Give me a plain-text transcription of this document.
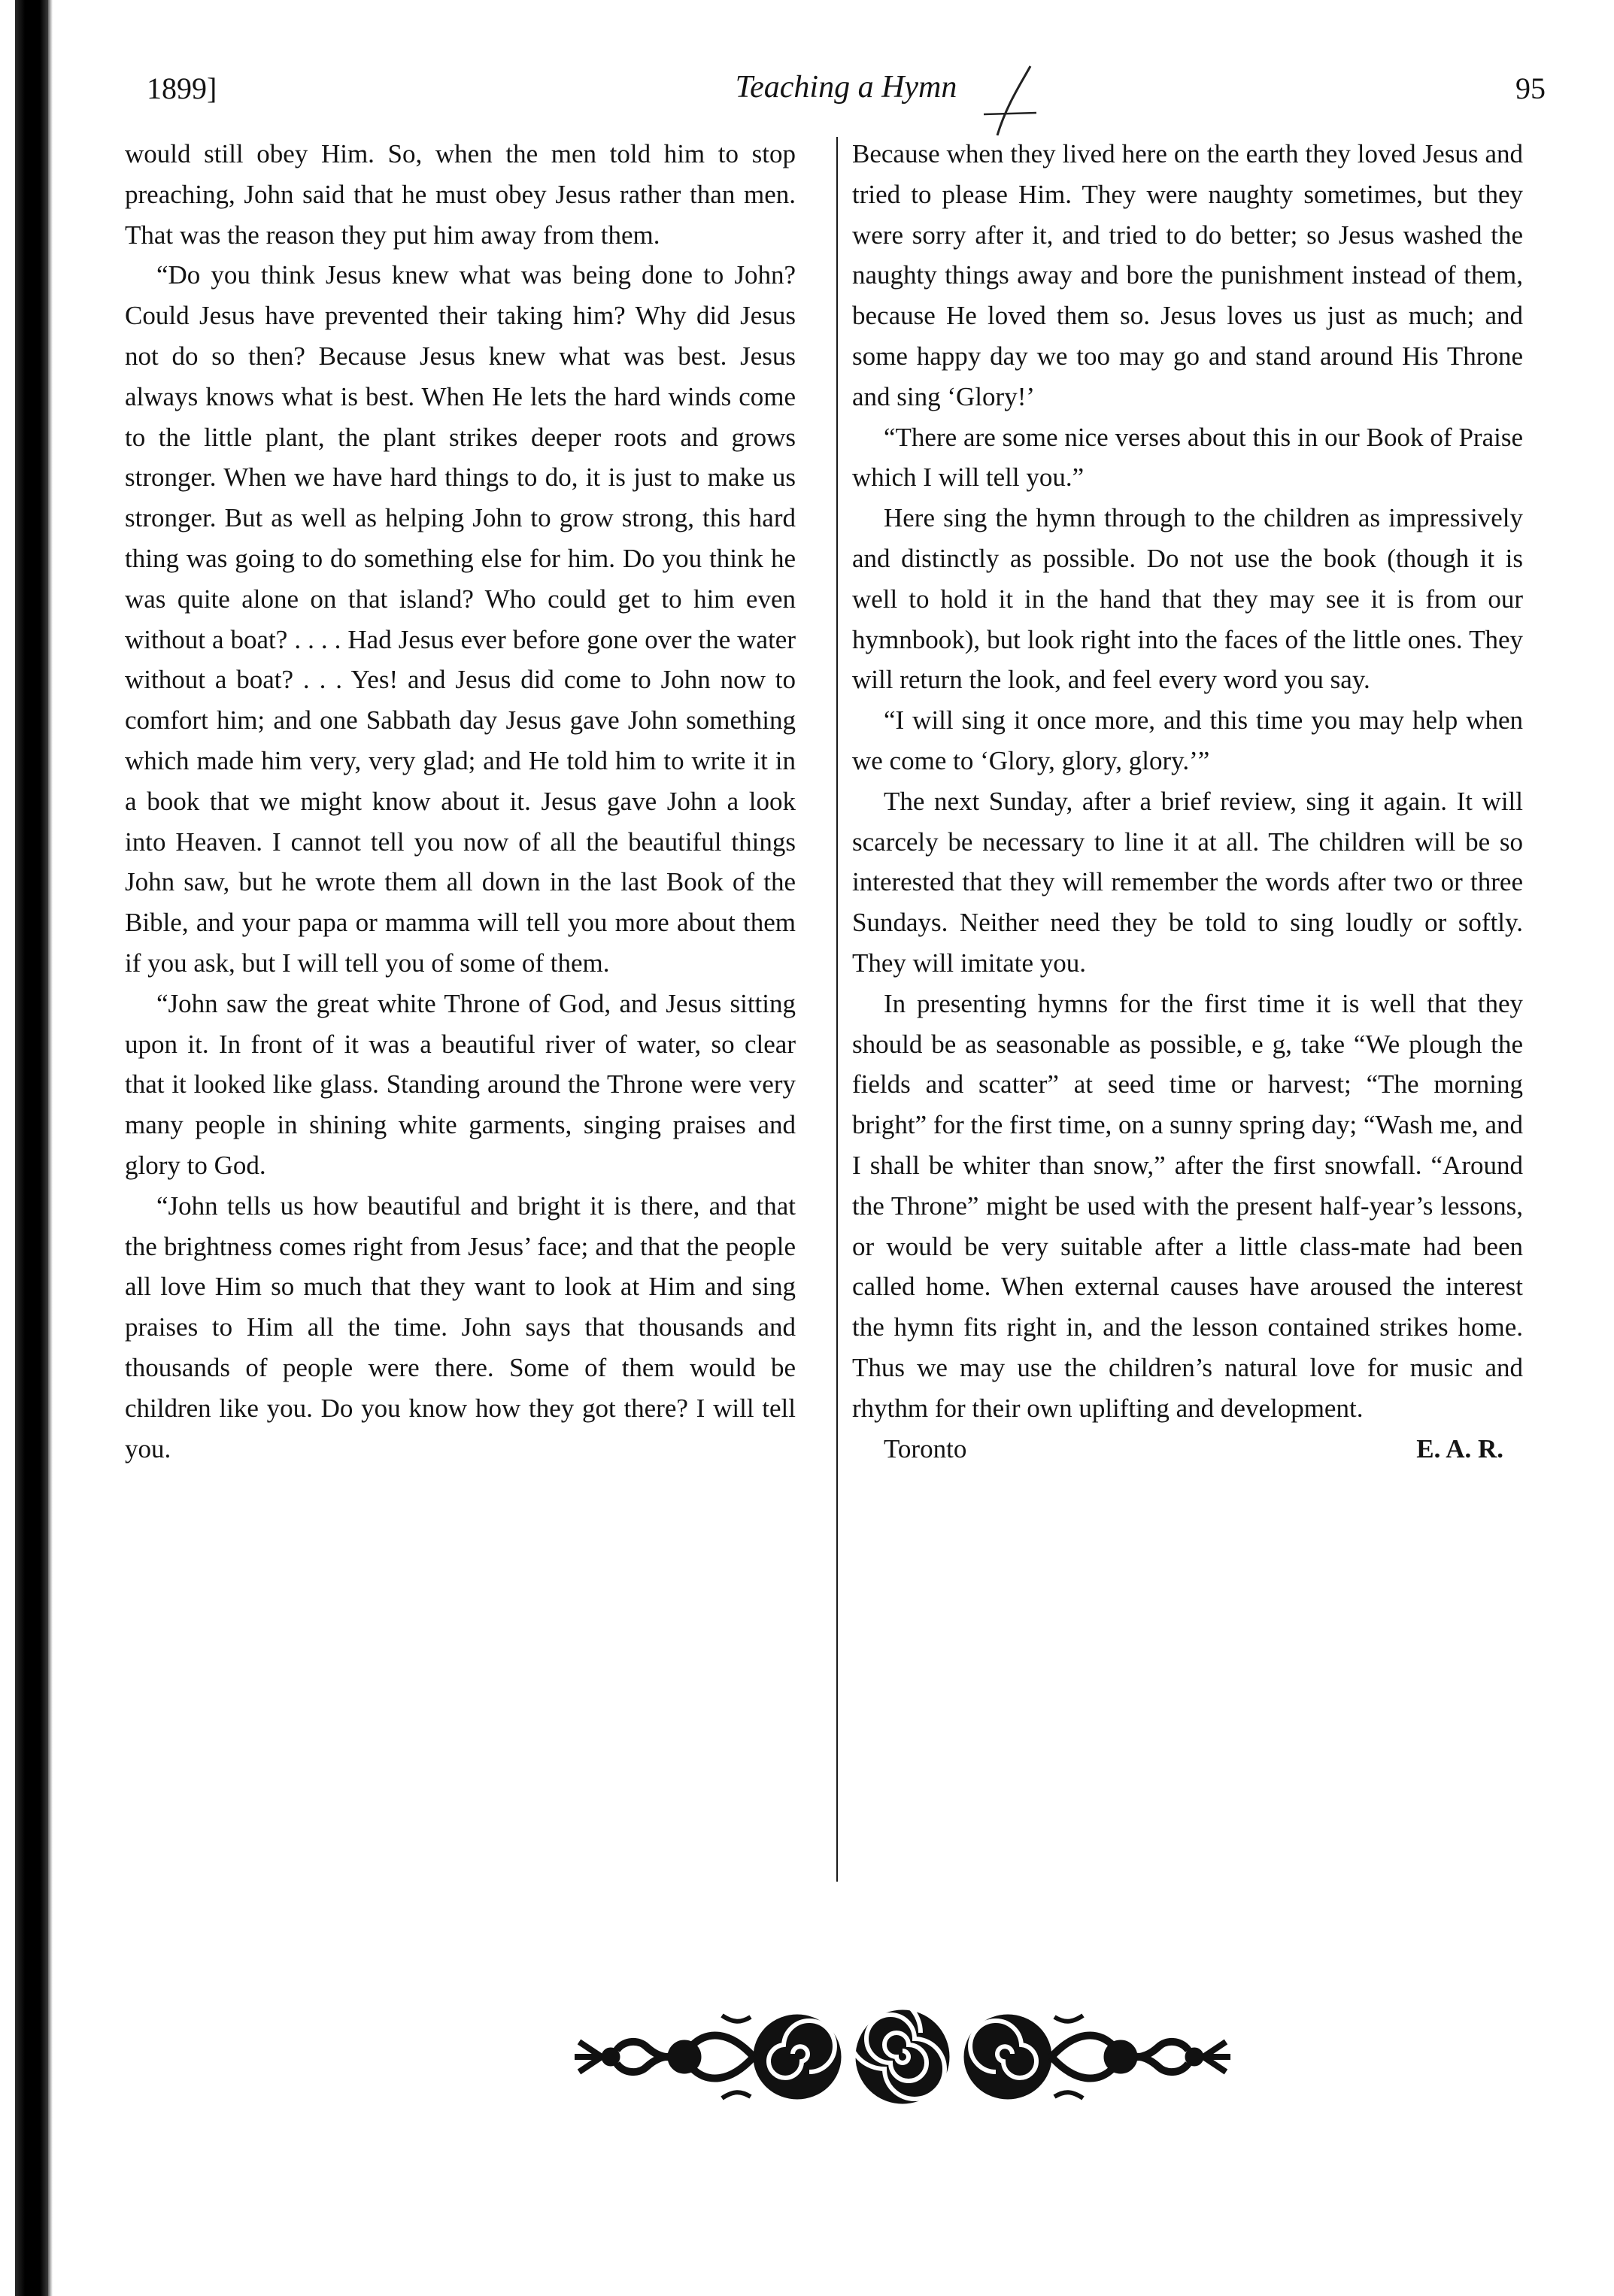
1899]	Teaching a Hymn	95

would still obey Him. So, when the men told him to stop preaching, John said that he must obey Jesus rather than men. That was the reason they put him away from them.

“Do you think Jesus knew what was being done to John? Could Jesus have prevented their taking him? Why did Jesus not do so then? Because Jesus knew what was best. Jesus always knows what is best. When He lets the hard winds come to the little plant, the plant strikes deeper roots and grows stronger. When we have hard things to do, it is just to make us stronger. But as well as helping John to grow strong, this hard thing was going to do something else for him. Do you think he was quite alone on that island? Who could get to him even without a boat? . . . . Had Jesus ever before gone over the water without a boat? . . . Yes! and Jesus did come to John now to comfort him; and one Sabbath day Jesus gave John something which made him very, very glad; and He told him to write it in a book that we might know about it. Jesus gave John a look into Heaven. I cannot tell you now of all the beautiful things John saw, but he wrote them all down in the last Book of the Bible, and your papa or mamma will tell you more about them if you ask, but I will tell you of some of them.

“John saw the great white Throne of God, and Jesus sitting upon it. In front of it was a beautiful river of water, so clear that it looked like glass. Standing around the Throne were very many people in shining white garments, singing praises and glory to God.

“John tells us how beautiful and bright it is there, and that the brightness comes right from Jesus’ face; and that the people all love Him so much that they want to look at Him and sing praises to Him all the time. John says that thousands and thousands of people were there. Some of them would be children like you. Do you know how they got there? I will tell you.

Because when they lived here on the earth they loved Jesus and tried to please Him. They were naughty sometimes, but they were sorry after it, and tried to do better; so Jesus washed the naughty things away and bore the punishment instead of them, because He loved them so. Jesus loves us just as much; and some happy day we too may go and stand around His Throne and sing ‘Glory!’

“There are some nice verses about this in our Book of Praise which I will tell you.”

Here sing the hymn through to the children as impressively and distinctly as possible. Do not use the book (though it is well to hold it in the hand that they may see it is from our hymnbook), but look right into the faces of the little ones. They will return the look, and feel every word you say.

“I will sing it once more, and this time you may help when we come to ‘Glory, glory, glory.’”

The next Sunday, after a brief review, sing it again. It will scarcely be necessary to line it at all. The children will be so interested that they will remember the words after two or three Sundays. Neither need they be told to sing loudly or softly. They will imitate you.

In presenting hymns for the first time it is well that they should be as seasonable as possible, e g, take “We plough the fields and scatter” at seed time or harvest; “The morning bright” for the first time, on a sunny spring day; “Wash me, and I shall be whiter than snow,” after the first snowfall. “Around the Throne” might be used with the present half-year’s lessons, or would be very suitable after a little class-mate had been called home. When external causes have aroused the interest the hymn fits right in, and the lesson contained strikes home. Thus we may use the children’s natural love for music and rhythm for their own uplifting and development.

Toronto	E. A. R.
